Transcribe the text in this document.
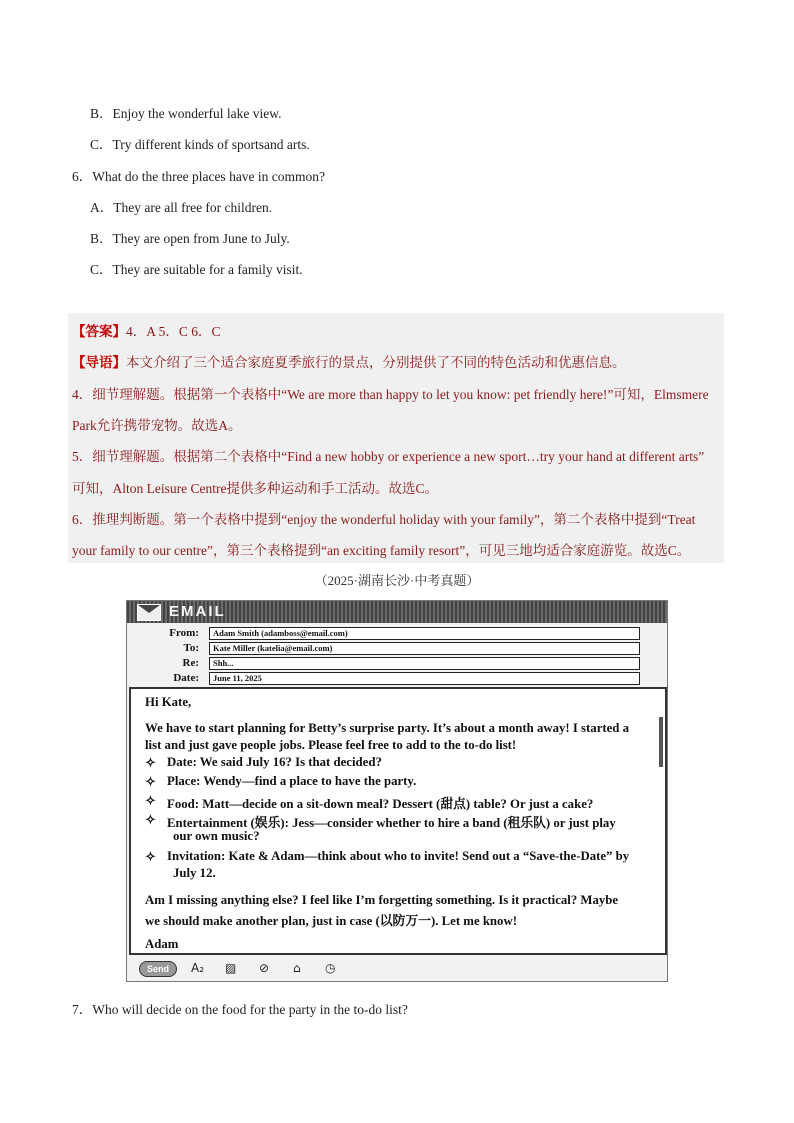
B．Enjoy the wonderful lake view.
C．Try different kinds of sportsand arts.
6．What do the three places have in common?
A．They are all free for children.
B．They are open from June to July.
C．They are suitable for a family visit.
【答案】4．A 5．C 6．C
【导语】本文介绍了三个适合家庭夏季旅行的景点，分别提供了不同的特色活动和优惠信息。
4．细节理解题。根据第一个表格中“We are more than happy to let you know: pet friendly here!”可知，Elmsmere
Park允许携带宠物。故选A。
5．细节理解题。根据第二个表格中“Find a new hobby or experience a new sport…try your hand at different arts”
可知，Alton Leisure Centre提供多种运动和手工活动。故选C。
6．推理判断题。第一个表格中提到“enjoy the wonderful holiday with your family”，第二个表格中提到“Treat
your family to our centre”，第三个表格提到“an exciting family resort”，可见三地均适合家庭游览。故选C。
（2025·湖南长沙·中考真题）
EMAIL
From:	Adam Smith (adamboss@email.com)
To:	Kate Miller (katelia@email.com)
Re:	Shh...
Date:	June 11, 2025
Hi Kate,
We have to start planning for Betty’s surprise party. It’s about a month away! I started a
list and just gave people jobs. Please feel free to add to the to-do list!
✧ Date: We said July 16? Is that decided?
✧ Place: Wendy—find a place to have the party.
✧ Food: Matt—decide on a sit-down meal? Dessert (甜点) table? Or just a cake?
✧ Entertainment (娱乐): Jess—consider whether to hire a band (租乐队) or just play
our own music?
✧ Invitation: Kate & Adam—think about who to invite! Send out a “Save-the-Date” by
July 12.
Am I missing anything else? I feel like I’m forgetting something. Is it practical? Maybe
we should make another plan, just in case (以防万一). Let me know!
Adam
Send	A₂ ▨ ⊘ ⌂ ◷
7．Who will decide on the food for the party in the to-do list?
